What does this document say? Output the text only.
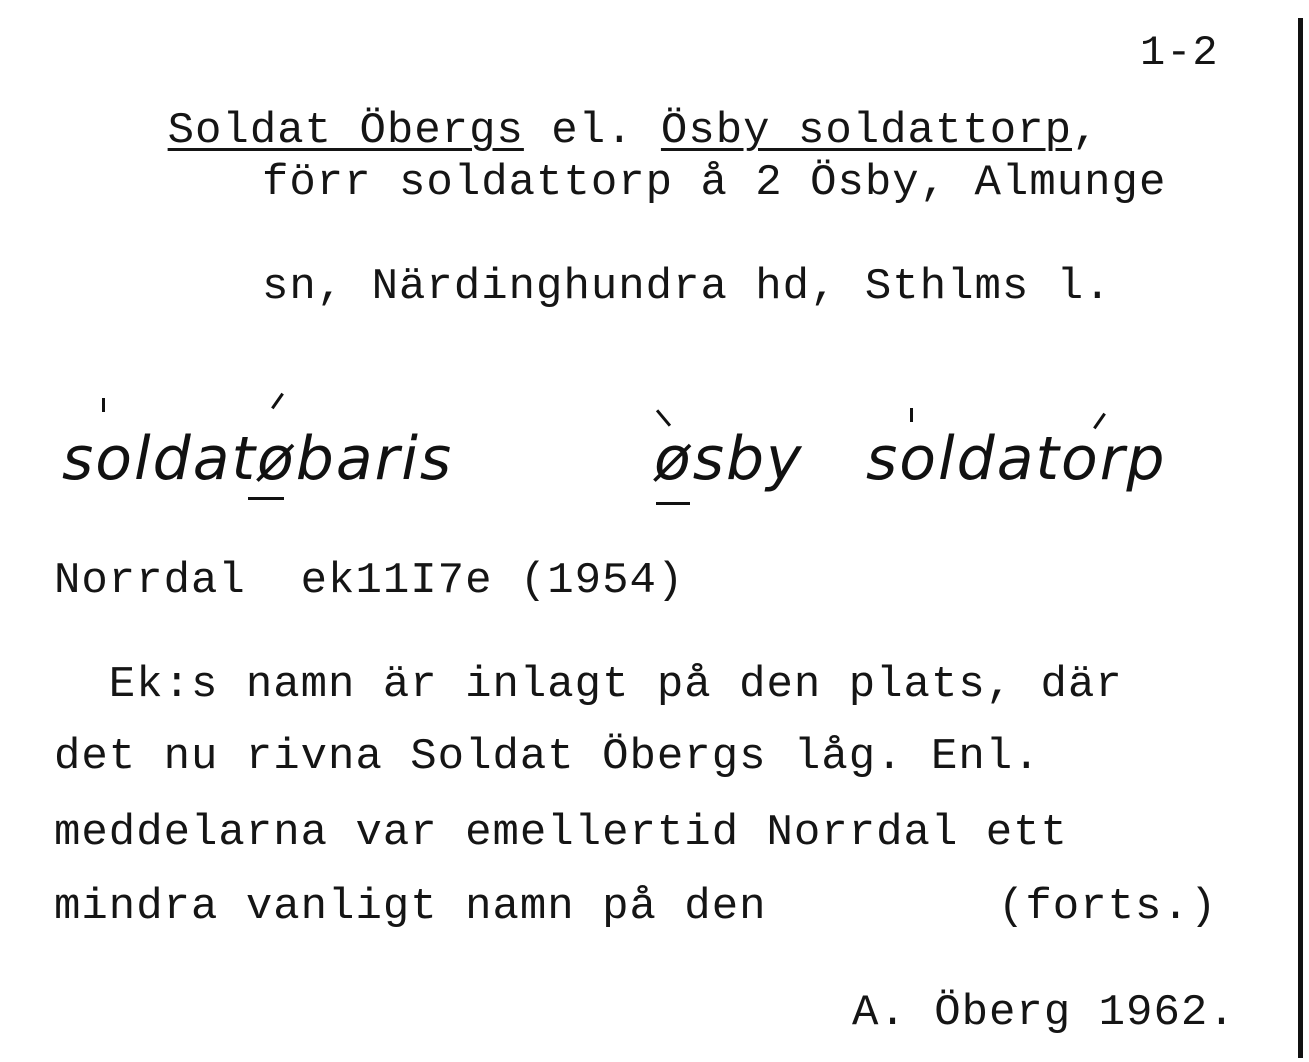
1-2

Soldat Öbergs el. Ösby soldattorp,

förr soldattorp å 2 Ösby, Almunge
sn, Närdinghundra hd, Sthlms l.
soldatøbaris	øsby soldatorp
Norrdal  ek11I7e (1954)
Ek:s namn är inlagt på den plats, där
det nu rivna Soldat Öbergs låg. Enl.
meddelarna var emellertid Norrdal ett
mindra vanligt namn på den	(forts.)
A. Öberg 1962.
